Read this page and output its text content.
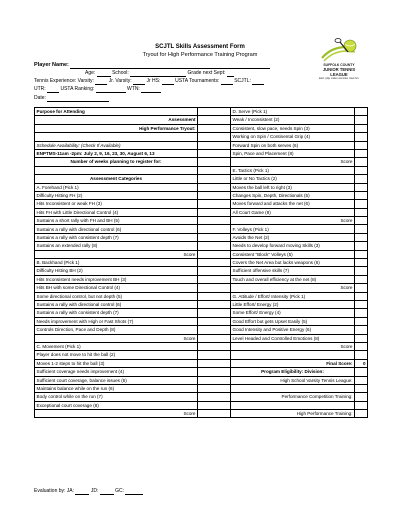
SUFFOLK COUNTY
JUNIOR TENNIS LEAGUE
learn. play. make memories. have fun.
SCJTL Skills Assessment Form
Tryout for High Performance Training Program
Player Name:
Age:	School:	Grade next Sept:
Tennis Experience: Varsity:	Jr. Varsity:	Jr HS:	USTA Tournaments:	SCJTL:
UTR:	USTA Ranking:	WTN:
Date:
Purpose for Attending		D. Serve (Pick 1)	
Assessment		Weak / Inconsistent (2)	
High Performance Tryout:		Consistent, slow pace, needs Spin (3)	
		Working on Spin / Continental Grip (4)	
Schedule Availability: (Check If Available)		Forward Spin on both serves (6)	
ENPTMS-11am -2pm: July 2, 9, 16, 23, 30, August 6, 13		Spin, Pace and Placement (8)	
Number of weeks planning to register for:		Score	
		E. Tactics (Pick 1)	
Assessment Categories		Little or No Tactics (2)	
A. Forehand (Pick 1)		Moves the ball left to right (3)	
Difficulty Hitting FH (2)		Changes Spin, Depth, Directionals (5)	
Hits Inconsistent or weak FH (3)		Moves forward and attacks the net (6)	
Hits FH with Little Directional Control (4)		All Court Game (8)	
Sustains a short rally with FH and BH (5)		Score	
Sustains a rally with directional control (6)		F. Volleys (Pick 1)	
Sustains a rally with consistent depth (7)		Avoids the Net (2)	
Sustains an extended rally (8)		Needs to develop forward moving Skills (3)	
Score		Consistent "Block" Volleys (5)	
B. Backhand (Pick 1)		Covers the Net Area but lacks weapons (6)	
Difficulty Hitting BH (2)		Sufficient offensive skills (7)	
Hits Inconsistent needs improvement BH (3)		Touch and overall efficiency at the net (8)	
Hits BH with some Directional Control (4)		Score	
Some directional control, but not depth (5)		G. Attitude / Effort/ Intensity (Pick 1)	
Sustains a rally with directional control (6)		Little Effort/ Energy (2)	
Sustains a rally with consistent depth (7)		Some Effort/ Energy (4)	
Needs improvement with High or Fast Shots (7)		Good Effort but gets Upset Easily (5)	
Controls Direction, Pace and Depth (8)		Good Intensity and Positive Energy (6)	
Score		Level Headed and Controlled Emotions (8)	
C. Movement (Pick 1)		Score	
Player does not move to hit the ball (2)			
Moves 1-2 steps to hit the ball (3)		Final Score:	0
Sufficient coverage needs improvement (4)		Program Eligibility: Division:	
Sufficient court coverage, balance issues (5)		High School Varsity Tennis League:	
Maintains balance while on the run (6)			
Body control while on the run (7)		Performance Competition Training:	
Exceptional court coverage (8)			
Score		High Performance Training:	
Evaluation by: JA:	JD:	GC:
